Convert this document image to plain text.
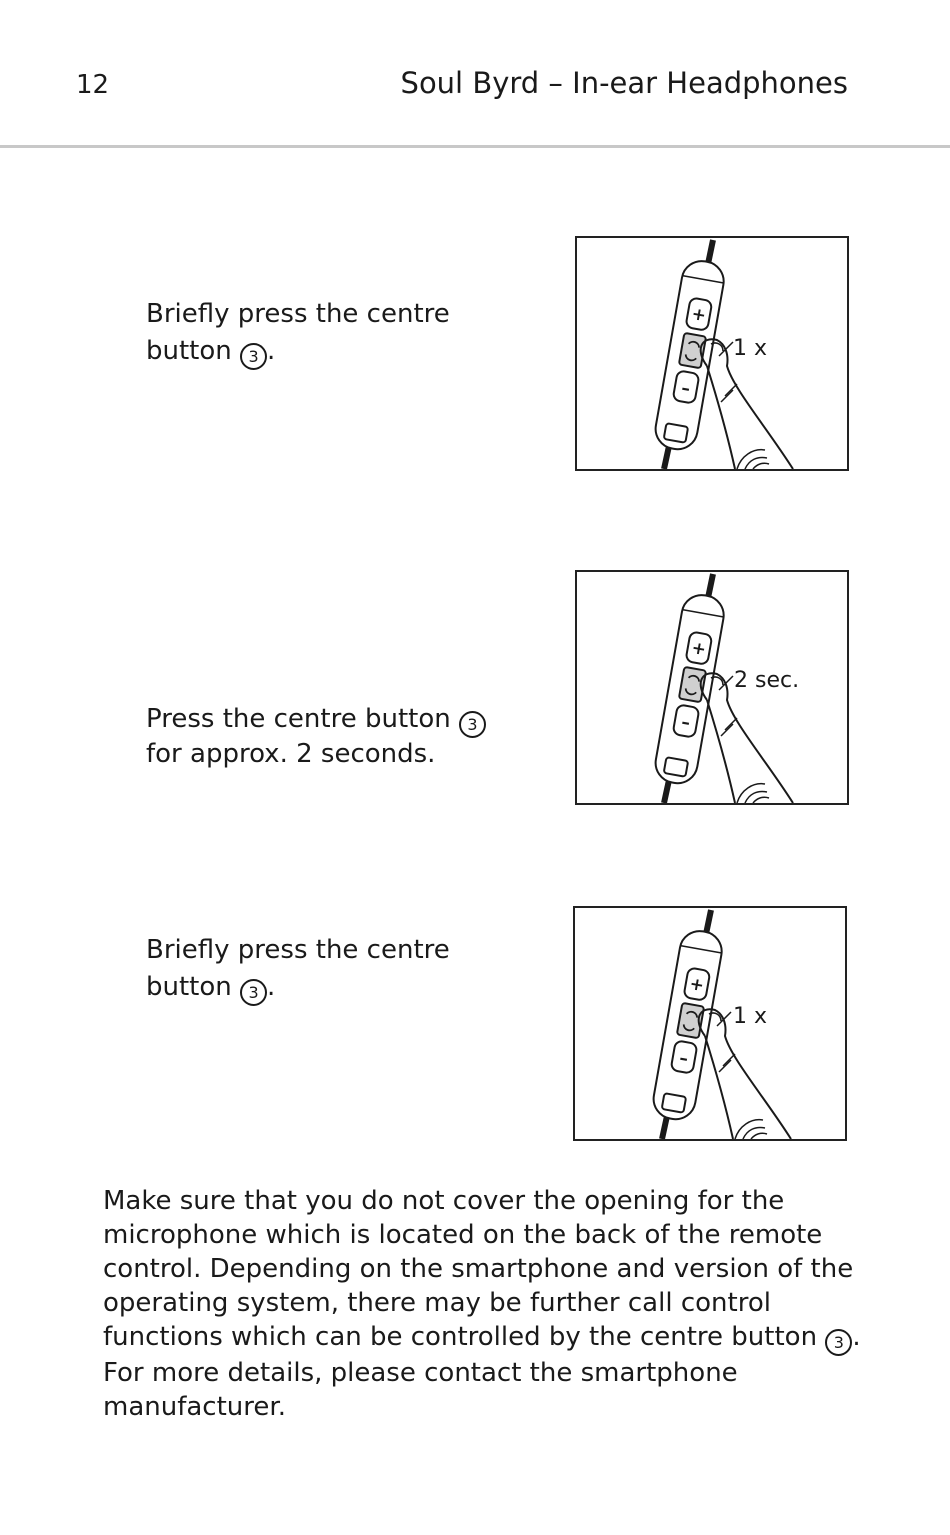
12	Soul Byrd – In-ear Headphones
Briefly press the centre
button 3 .
+
–
1 x
Press the centre button 3
for approx. 2 seconds.
+
–
2 sec.
Briefly press the centre
button 3 .	+
–
1 x
Make sure that you do not cover the opening for the microphone which is located on the back of the remote control. Depending on the smartphone and version of the operating system, there may be further call control functions which can be controlled by the centre button 3 . For more details, please contact the smartphone manufacturer.
